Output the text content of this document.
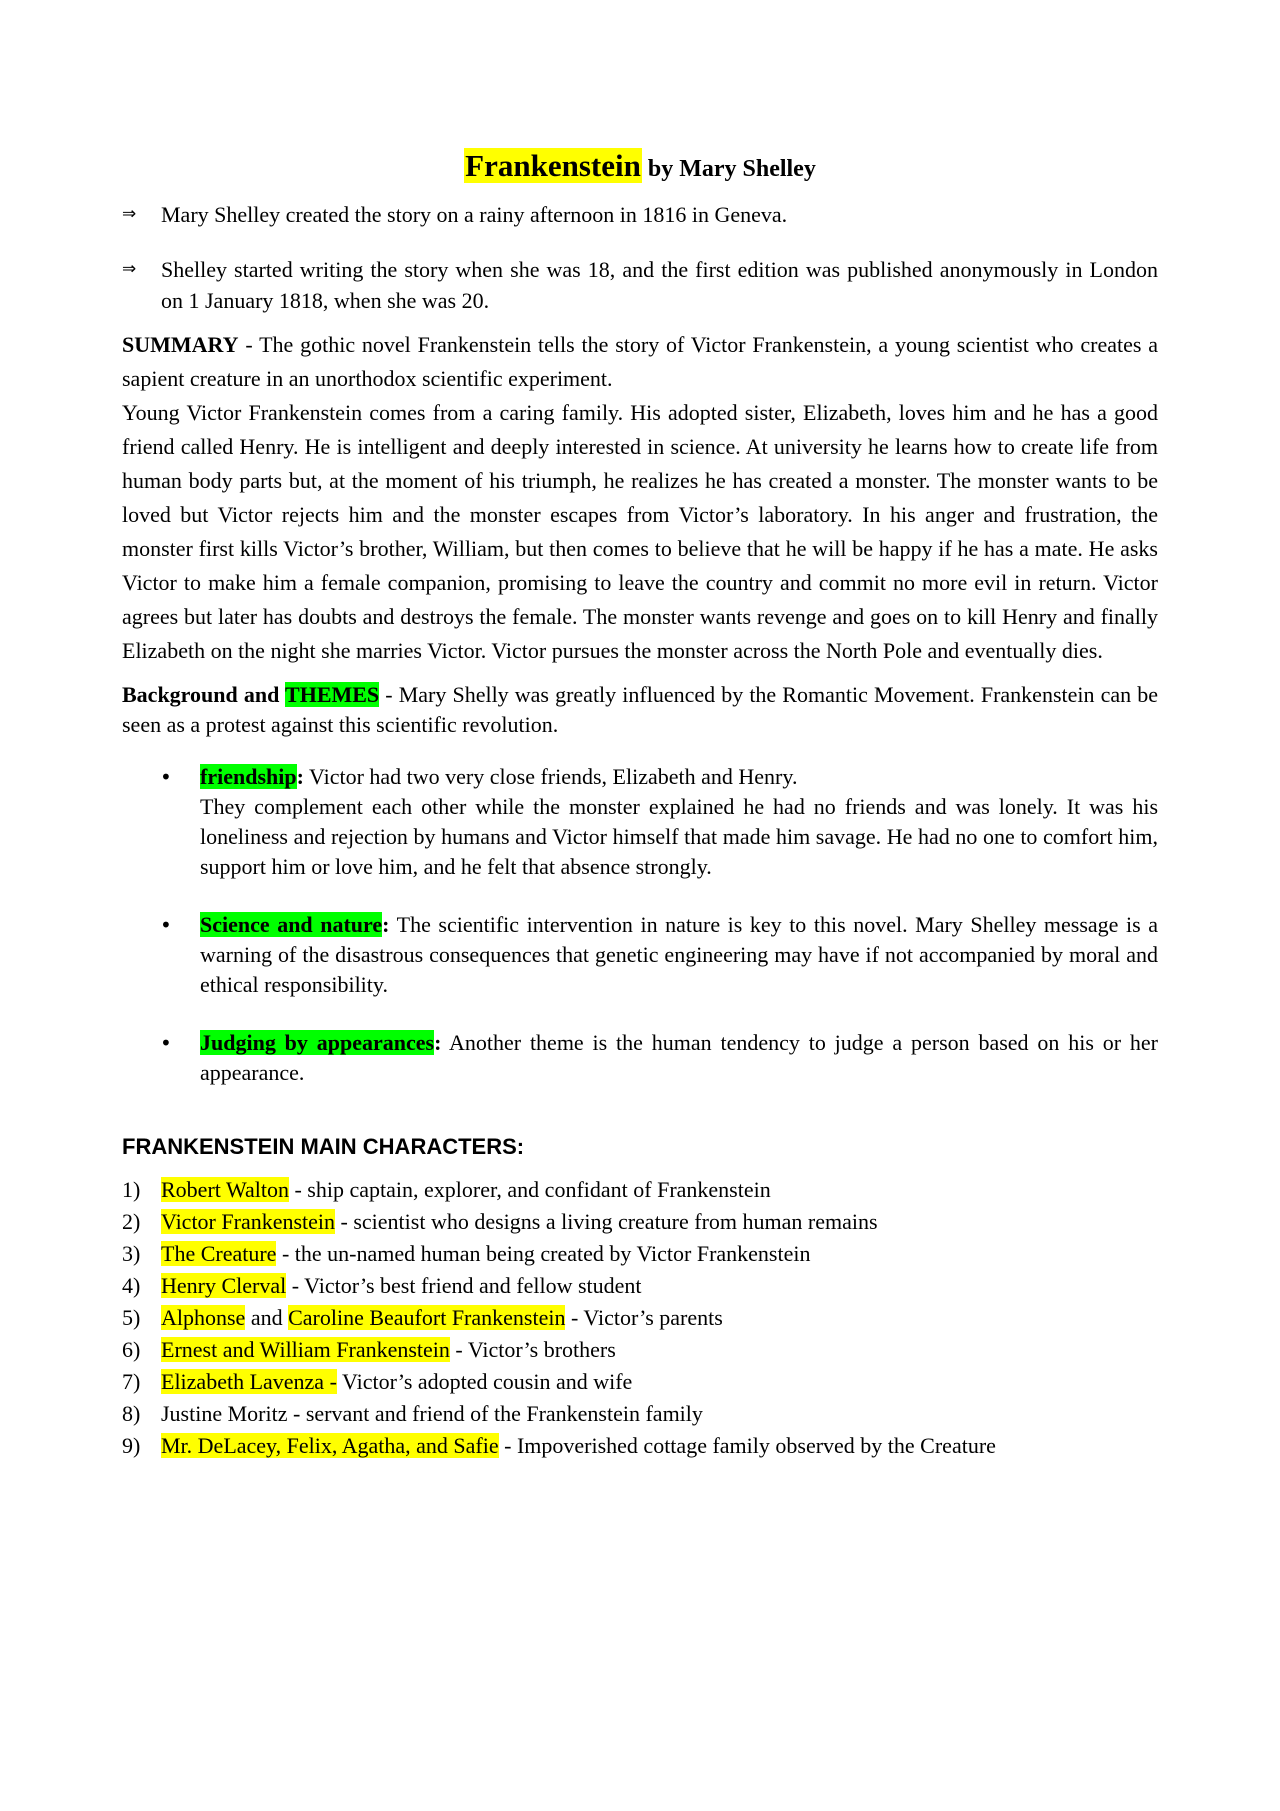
Frankenstein by Mary Shelley
⇒ Mary Shelley created the story on a rainy afternoon in 1816 in Geneva.
⇒ Shelley started writing the story when she was 18, and the first edition was published anonymously in London on 1 January 1818, when she was 20.

SUMMARY - The gothic novel Frankenstein tells the story of Victor Frankenstein, a young scientist who creates a sapient creature in an unorthodox scientific experiment.

Young Victor Frankenstein comes from a caring family. His adopted sister, Elizabeth, loves him and he has a good friend called Henry. He is intelligent and deeply interested in science. At university he learns how to create life from human body parts but, at the moment of his triumph, he realizes he has created a monster. The monster wants to be loved but Victor rejects him and the monster escapes from Victor’s laboratory. In his anger and frustration, the monster first kills Victor’s brother, William, but then comes to believe that he will be happy if he has a mate. He asks Victor to make him a female companion, promising to leave the country and commit no more evil in return. Victor agrees but later has doubts and destroys the female. The monster wants revenge and goes on to kill Henry and finally Elizabeth on the night she marries Victor. Victor pursues the monster across the North Pole and eventually dies.

Background and THEMES - Mary Shelly was greatly influenced by the Romantic Movement. Frankenstein can be seen as a protest against this scientific revolution.

• friendship: Victor had two very close friends, Elizabeth and Henry.
They complement each other while the monster explained he had no friends and was lonely. It was his loneliness and rejection by humans and Victor himself that made him savage. He had no one to comfort him, support him or love him, and he felt that absence strongly.
• Science and nature: The scientific intervention in nature is key to this novel. Mary Shelley message is a warning of the disastrous consequences that genetic engineering may have if not accompanied by moral and ethical responsibility.
• Judging by appearances: Another theme is the human tendency to judge a person based on his or her appearance.
FRANKENSTEIN MAIN CHARACTERS:
1) Robert Walton - ship captain, explorer, and confidant of Frankenstein
2) Victor Frankenstein - scientist who designs a living creature from human remains
3) The Creature - the un-named human being created by Victor Frankenstein
4) Henry Clerval - Victor’s best friend and fellow student
5) Alphonse and Caroline Beaufort Frankenstein - Victor’s parents
6) Ernest and William Frankenstein - Victor’s brothers
7) Elizabeth Lavenza - Victor’s adopted cousin and wife
8) Justine Moritz - servant and friend of the Frankenstein family
9) Mr. DeLacey, Felix, Agatha, and Safie - Impoverished cottage family observed by the Creature
